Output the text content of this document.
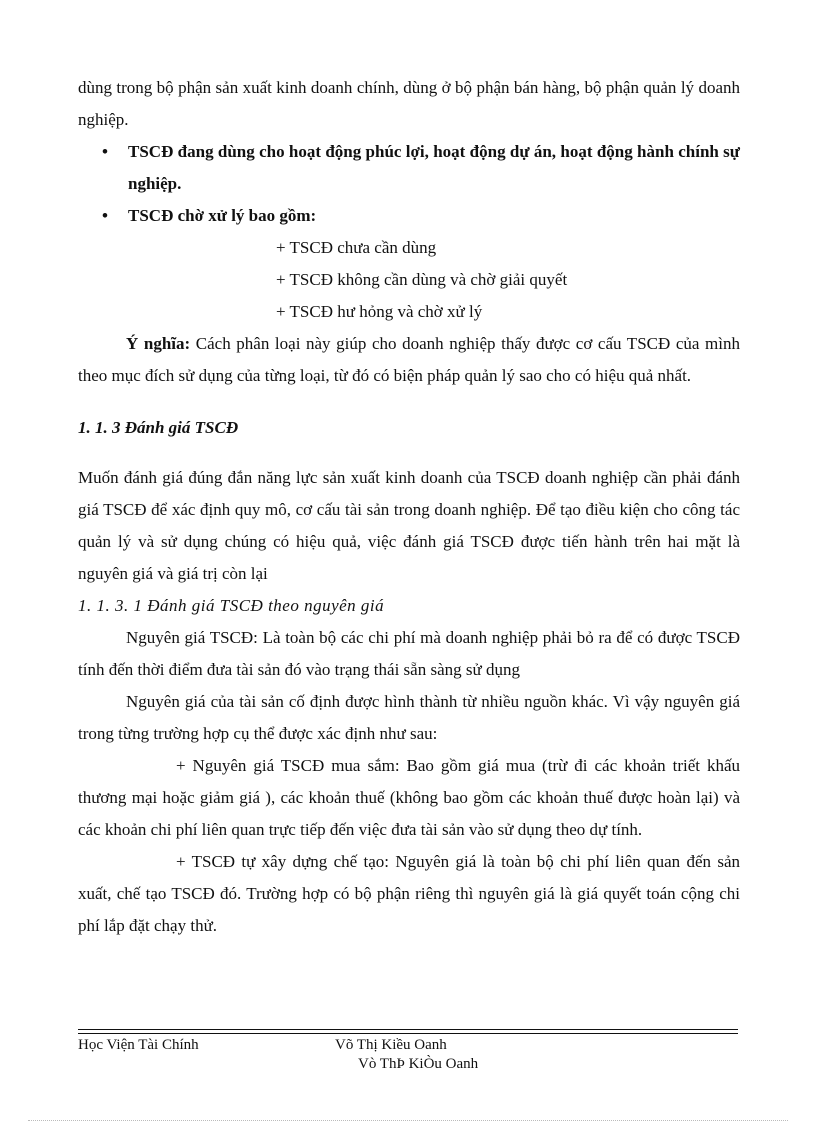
dùng trong bộ phận sản xuất kinh doanh chính, dùng ở bộ phận bán hàng, bộ phận quản lý doanh nghiệp.

• TSCĐ đang dùng cho hoạt động phúc lợi, hoạt động dự án, hoạt động hành chính sự nghiệp.
• TSCĐ chờ xử lý bao gồm:
+ TSCĐ chưa cần dùng
+ TSCĐ không cần dùng và chờ giải quyết
+ TSCĐ hư hỏng và chờ xử lý

Ý nghĩa: Cách phân loại này giúp cho doanh nghiệp thấy được cơ cấu TSCĐ của mình theo mục đích sử dụng của từng loại, từ đó có biện pháp quản lý sao cho có hiệu quả nhất.

1. 1. 3 Đánh giá TSCĐ

Muốn đánh giá đúng đắn năng lực sản xuất kinh doanh của TSCĐ doanh nghiệp cần phải đánh giá TSCĐ để xác định quy mô, cơ cấu tài sản trong doanh nghiệp. Để tạo điều kiện cho công tác quản lý và sử dụng chúng có hiệu quả, việc đánh giá TSCĐ được tiến hành trên hai mặt là nguyên giá và giá trị còn lại

1. 1. 3. 1 Đánh giá TSCĐ theo nguyên giá

Nguyên giá TSCĐ: Là toàn bộ các chi phí mà doanh nghiệp phải bỏ ra để có được TSCĐ tính đến thời điểm đưa tài sản đó vào trạng thái sẵn sàng sử dụng

Nguyên giá của tài sản cố định được hình thành từ nhiều nguồn khác. Vì vậy nguyên giá trong từng trường hợp cụ thể được xác định như sau:

+ Nguyên giá TSCĐ mua sắm: Bao gồm giá mua (trừ đi các khoản triết khấu thương mại hoặc giảm giá ), các khoản thuế (không bao gồm các khoản thuế được hoàn lại) và các khoản chi phí liên quan trực tiếp đến việc đưa tài sản vào sử dụng theo dự tính.

+ TSCĐ tự xây dựng chế tạo: Nguyên giá là toàn bộ chi phí liên quan đến sản xuất, chế tạo TSCĐ đó. Trường hợp có bộ phận riêng thì nguyên giá là giá quyết toán cộng chi phí lắp đặt chạy thử.

Học Viện Tài Chính	Võ Thị Kiều Oanh
Vò ThÞ KiÒu Oanh
